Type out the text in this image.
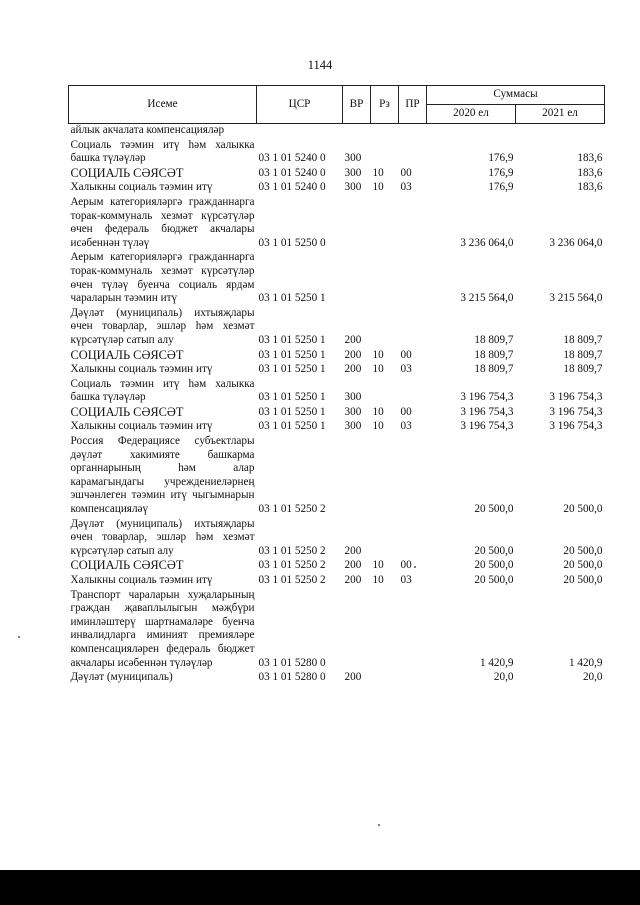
1144
Исеме	ЦСР	ВР	Рз	ПР	Суммасы	
					2020 ел	2021 ел
айлык акчалата компенсацияләр						
Социаль тәэмин итү һәм халыкка башка түләүләр	03 1 01 5240 0	300			176,9	183,6
СОЦИАЛЬ СӘЯСӘТ	03 1 01 5240 0	300	10	00	176,9	183,6
Халыкны социаль тәэмин итү	03 1 01 5240 0	300	10	03	176,9	183,6
Аерым категорияләргә гражданнарга торак-коммуналь хезмәт күрсәтүләр өчен федераль бюджет акчалары исәбеннән түләү	03 1 01 5250 0				3 236 064,0	3 236 064,0
Аерым категорияләргә гражданнарга торак-коммуналь хезмәт күрсәтүләр өчен түләү буенча социаль ярдәм чараларын тәэмин итү	03 1 01 5250 1				3 215 564,0	3 215 564,0
Дәүләт (муниципаль) ихтыяҗлары өчен товарлар, эшләр һәм хезмәт күрсәтүләр сатып алу	03 1 01 5250 1	200			18 809,7	18 809,7
СОЦИАЛЬ СӘЯСӘТ	03 1 01 5250 1	200	10	00	18 809,7	18 809,7
Халыкны социаль тәэмин итү	03 1 01 5250 1	200	10	03	18 809,7	18 809,7
Социаль тәэмин итү һәм халыкка башка түләүләр	03 1 01 5250 1	300			3 196 754,3	3 196 754,3
СОЦИАЛЬ СӘЯСӘТ	03 1 01 5250 1	300	10	00	3 196 754,3	3 196 754,3
Халыкны социаль тәэмин итү	03 1 01 5250 1	300	10	03	3 196 754,3	3 196 754,3
Россия Федерациясе субъектлары дәүләт хакимияте башкарма органнарының һәм алар карамагындагы учреждениеләрнең эшчәнлеген тәэмин итү чыгымнарын компенсацияләү	03 1 01 5250 2				20 500,0	20 500,0
Дәүләт (муниципаль) ихтыяҗлары өчен товарлар, эшләр һәм хезмәт күрсәтүләр сатып алу	03 1 01 5250 2	200			20 500,0	20 500,0
СОЦИАЛЬ СӘЯСӘТ	03 1 01 5250 2	200	10	00	20 500,0	20 500,0
Халыкны социаль тәэмин итү	03 1 01 5250 2	200	10	03	20 500,0	20 500,0
Транспорт чараларын хуҗаларының граждан җаваплылыгын мәҗбүри иминләштерү шартнамаләре буенча инвалидларга иминият премияләре компенсацияләрен федераль бюджет акчалары исәбеннән түләүләр	03 1 01 5280 0				1 420,9	1 420,9
Дәүләт (муниципаль)	03 1 01 5280 0	200			20,0	20,0
